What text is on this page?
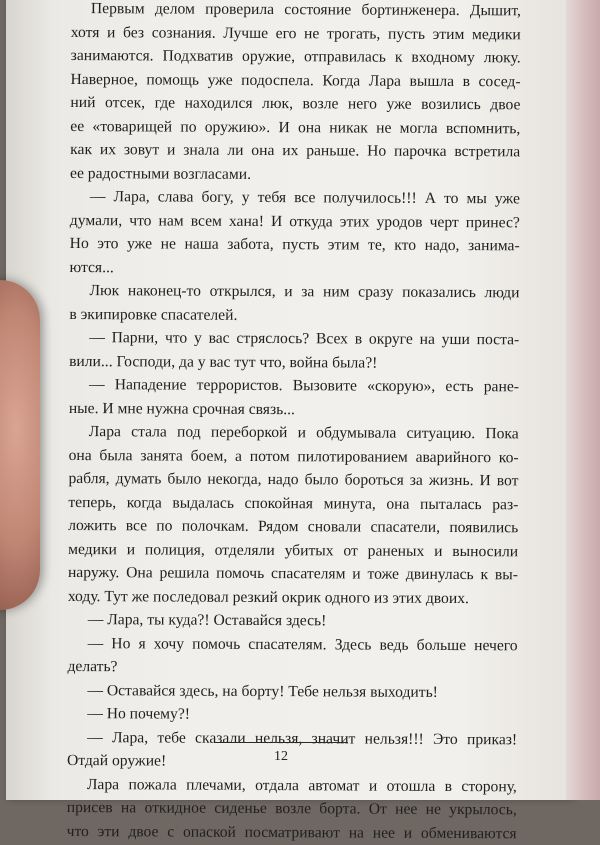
Первым делом проверила состояние бортинженера. Дышит,
хотя и без сознания. Лучше его не трогать, пусть этим медики
занимаются. Подхватив оружие, отправилась к входному люку.
Наверное, помощь уже подоспела. Когда Лара вышла в сосед-
ний отсек, где находился люк, возле него уже возились двое
ее «товарищей по оружию». И она никак не могла вспомнить,
как их зовут и знала ли она их раньше. Но парочка встретила
ее радостными возгласами.
— Лара, слава богу, у тебя все получилось!!! А то мы уже
думали, что нам всем хана! И откуда этих уродов черт принес?
Но это уже не наша забота, пусть этим те, кто надо, занима-
ются...
Люк наконец-то открылся, и за ним сразу показались люди
в экипировке спасателей.
— Парни, что у вас стряслось? Всех в округе на уши поста-
вили... Господи, да у вас тут что, война была?!
— Нападение террористов. Вызовите «скорую», есть ране-
ные. И мне нужна срочная связь...
Лара стала под переборкой и обдумывала ситуацию. Пока
она была занята боем, а потом пилотированием аварийного ко-
рабля, думать было некогда, надо было бороться за жизнь. И вот
теперь, когда выдалась спокойная минута, она пыталась раз-
ложить все по полочкам. Рядом сновали спасатели, появились
медики и полиция, отделяли убитых от раненых и выносили
наружу. Она решила помочь спасателям и тоже двинулась к вы-
ходу. Тут же последовал резкий окрик одного из этих двоих.
— Лара, ты куда?! Оставайся здесь!
— Но я хочу помочь спасателям. Здесь ведь больше нечего
делать?
— Оставайся здесь, на борту! Тебе нельзя выходить!
— Но почему?!
— Лара, тебе сказали нельзя, значит нельзя!!! Это приказ!
Отдай оружие!
Лара пожала плечами, отдала автомат и отошла в сторону,
присев на откидное сиденье возле борта. От нее не укрылось,
что эти двое с опаской посматривают на нее и обмениваются
12
